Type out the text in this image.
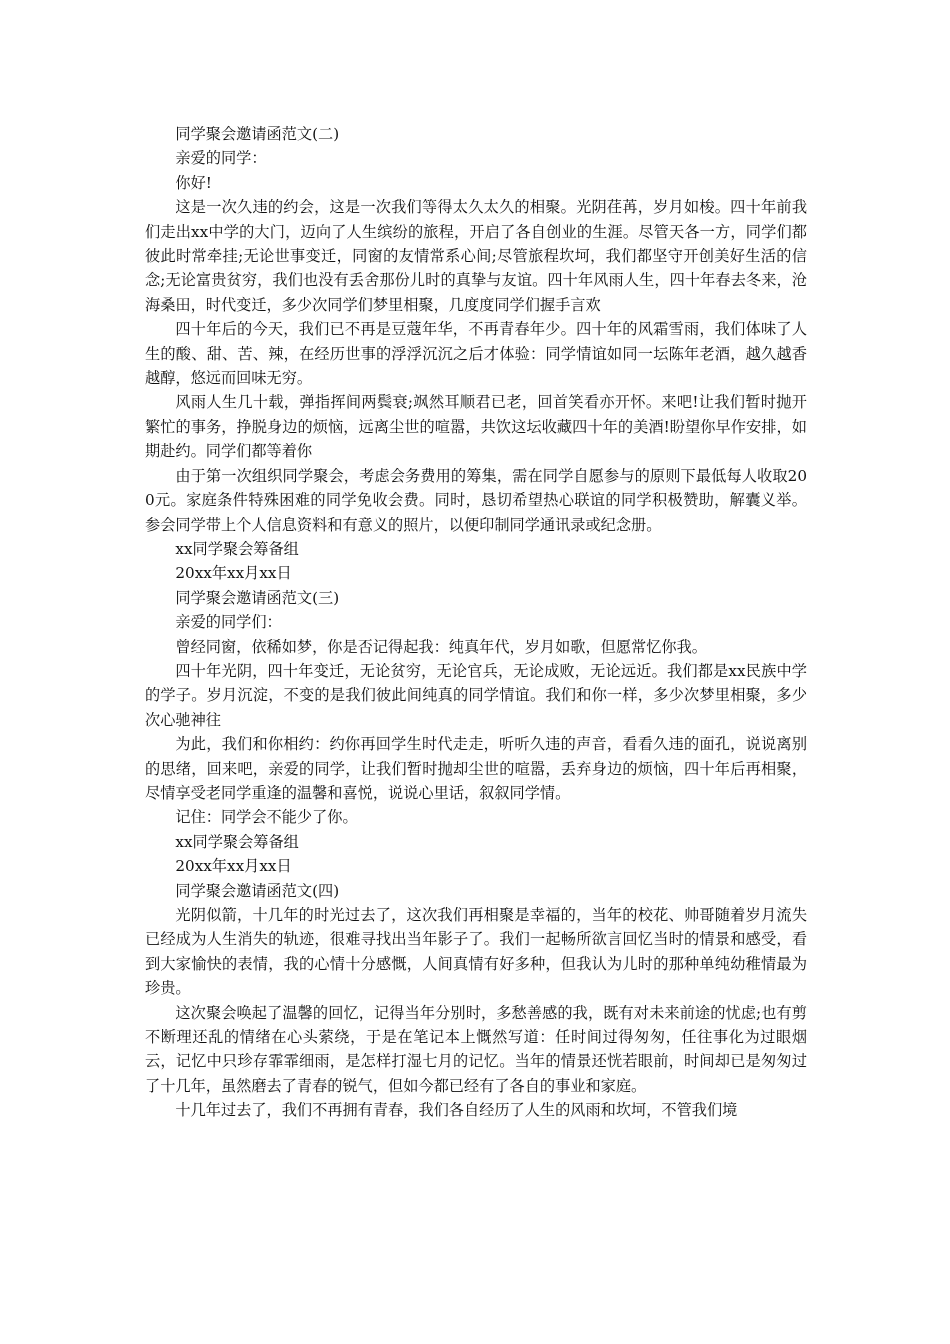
同学聚会邀请函范文(二)

亲爱的同学：

你好!

这是一次久违的约会，这是一次我们等得太久太久的相聚。光阴荏苒，岁月如梭。四十年前我们走出xx中学的大门，迈向了人生缤纷的旅程，开启了各自创业的生涯。尽管天各一方，同学们都彼此时常牵挂;无论世事变迁，同窗的友情常系心间;尽管旅程坎坷，我们都坚守开创美好生活的信念;无论富贵贫穷，我们也没有丢舍那份儿时的真挚与友谊。四十年风雨人生，四十年春去冬来，沧海桑田，时代变迁，多少次同学们梦里相聚，几度度同学们握手言欢

四十年后的今天，我们已不再是豆蔻年华，不再青春年少。四十年的风霜雪雨，我们体味了人生的酸、甜、苦、辣，在经历世事的浮浮沉沉之后才体验：同学情谊如同一坛陈年老酒，越久越香越醇，悠远而回味无穷。

风雨人生几十载，弹指挥间两鬓衰;飒然耳顺君已老，回首笑看亦开怀。来吧!让我们暂时抛开繁忙的事务，挣脱身边的烦恼，远离尘世的喧嚣，共饮这坛收藏四十年的美酒!盼望你早作安排，如期赴约。同学们都等着你

由于第一次组织同学聚会，考虑会务费用的筹集，需在同学自愿参与的原则下最低每人收取200元。家庭条件特殊困难的同学免收会费。同时，恳切希望热心联谊的同学积极赞助，解囊义举。参会同学带上个人信息资料和有意义的照片，以便印制同学通讯录或纪念册。

xx同学聚会筹备组

20xx年xx月xx日

同学聚会邀请函范文(三)

亲爱的同学们：

曾经同窗，依稀如梦，你是否记得起我：纯真年代，岁月如歌，但愿常忆你我。

四十年光阴，四十年变迁，无论贫穷，无论官兵，无论成败，无论远近。我们都是xx民族中学的学子。岁月沉淀，不变的是我们彼此间纯真的同学情谊。我们和你一样，多少次梦里相聚，多少次心驰神往

为此，我们和你相约：约你再回学生时代走走，听听久违的声音，看看久违的面孔，说说离别的思绪，回来吧，亲爱的同学，让我们暂时抛却尘世的喧嚣，丢弃身边的烦恼，四十年后再相聚，尽情享受老同学重逢的温馨和喜悦，说说心里话，叙叙同学情。

记住：同学会不能少了你。

xx同学聚会筹备组

20xx年xx月xx日

同学聚会邀请函范文(四)

光阴似箭，十几年的时光过去了，这次我们再相聚是幸福的，当年的校花、帅哥随着岁月流失已经成为人生消失的轨迹，很难寻找出当年影子了。我们一起畅所欲言回忆当时的情景和感受，看到大家愉快的表情，我的心情十分感慨，人间真情有好多种，但我认为儿时的那种单纯幼稚情最为珍贵。

这次聚会唤起了温馨的回忆，记得当年分别时，多愁善感的我，既有对未来前途的忧虑;也有剪不断理还乱的情绪在心头萦绕，于是在笔记本上慨然写道：任时间过得匆匆，任往事化为过眼烟云，记忆中只珍存霏霏细雨，是怎样打湿七月的记忆。当年的情景还恍若眼前，时间却已是匆匆过了十几年，虽然磨去了青春的锐气，但如今都已经有了各自的事业和家庭。

十几年过去了，我们不再拥有青春，我们各自经历了人生的风雨和坎坷，不管我们境
